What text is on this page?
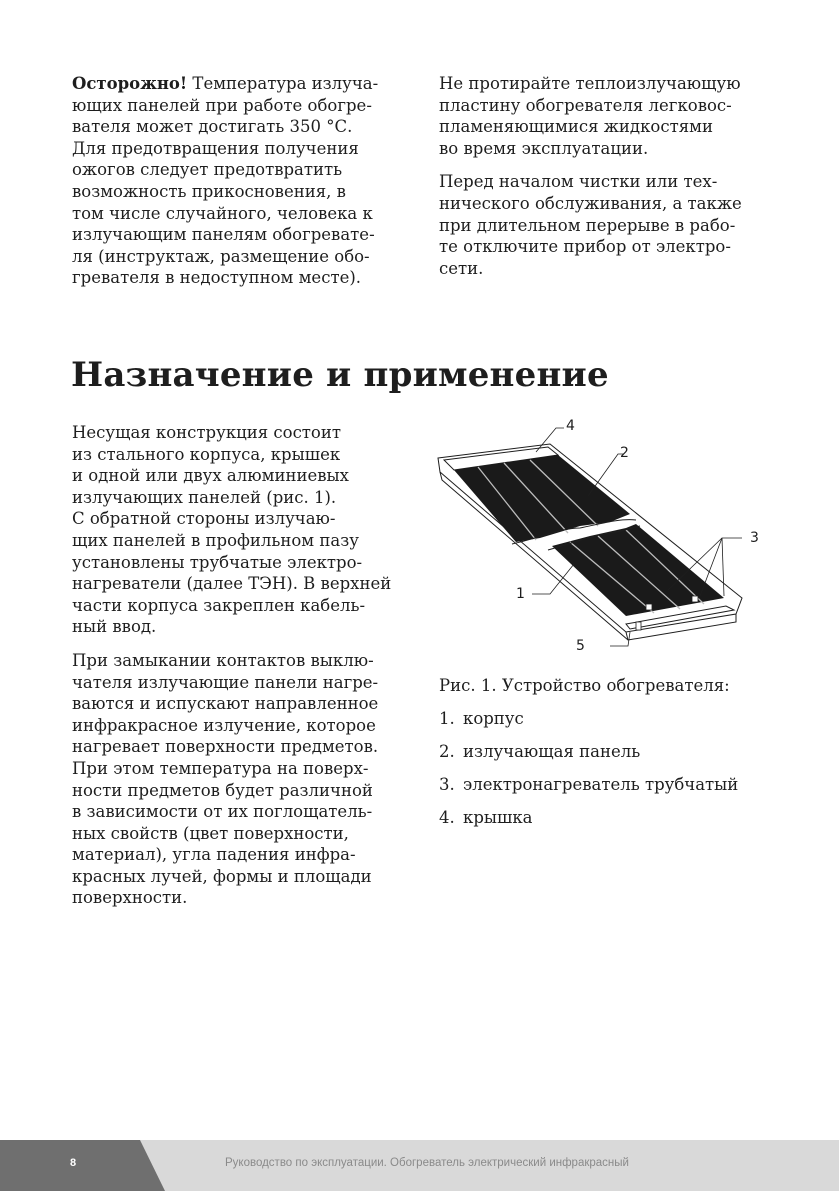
Осторожно! Температура излуча-
ющих панелей при работе обогре-
вателя может достигать 350 °С.
Для предотвращения получения
ожогов следует предотвратить
возможность прикосновения, в
том числе случайного, человека к
излучающим панелям обогревате-
ля (инструктаж, размещение обо-
гревателя в недоступном месте).

Не протирайте теплоизлучающую
пластину обогревателя легковос-
пламеняющимися жидкостями
во время эксплуатации.

Перед началом чистки или тех-
нического обслуживания, а также
при длительном перерыве в рабо-
те отключите прибор от электро-
сети.

Назначение и применение

Несущая конструкция состоит
из стального корпуса, крышек
и одной или двух алюминиевых
излучающих панелей (рис. 1).
С обратной стороны излучаю-
щих панелей в профильном пазу
установлены трубчатые электро-
нагреватели (далее ТЭН). В верхней
части корпуса закреплен кабель-
ный ввод.

При замыкании контактов выклю-
чателя излучающие панели нагре-
ваются и испускают направленное
инфракрасное излучение, которое
нагревает поверхности предметов.
При этом температура на поверх-
ности предметов будет различной
в зависимости от их поглощатель-
ных свойств (цвет поверхности,
материал), угла падения инфра-
красных лучей, формы и площади
поверхности.

4
2
3
1
5

Рис. 1. Устройство обогревателя:

1. корпус
2. излучающая панель
3. электронагреватель трубчатый
4. крышка
8	Руководство по эксплуатации. Обогреватель электрический инфракрасный
